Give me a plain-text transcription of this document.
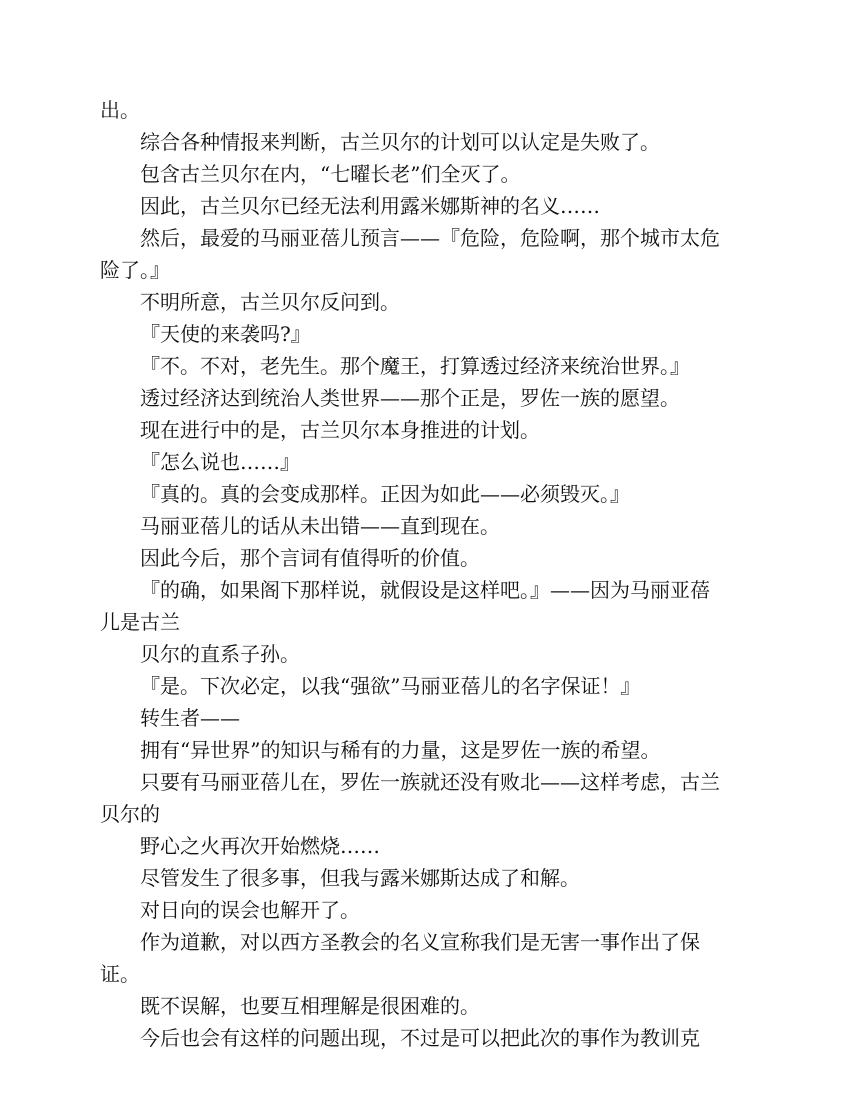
出。
综合各种情报来判断，古兰贝尔的计划可以认定是失败了。
包含古兰贝尔在内，“七曜长老”们全灭了。
因此，古兰贝尔已经无法利用露米娜斯神的名义……
然后，最爱的马丽亚蓓儿预言——『危险，危险啊，那个城市太危
险了。』
不明所意，古兰贝尔反问到。
『天使的来袭吗?』
『不。不对，老先生。那个魔王，打算透过经济来统治世界。』
透过经济达到统治人类世界——那个正是，罗佐一族的愿望。
现在进行中的是，古兰贝尔本身推进的计划。
『怎么说也……』
『真的。真的会变成那样。正因为如此——必须毁灭。』
马丽亚蓓儿的话从未出错——直到现在。
因此今后，那个言词有值得听的价值。
『的确，如果阁下那样说，就假设是这样吧。』——因为马丽亚蓓
儿是古兰
贝尔的直系子孙。
『是。下次必定，以我“强欲”马丽亚蓓儿的名字保证！』
转生者——
拥有“异世界”的知识与稀有的力量，这是罗佐一族的希望。
只要有马丽亚蓓儿在，罗佐一族就还没有败北——这样考虑，古兰
贝尔的
野心之火再次开始燃烧……
尽管发生了很多事，但我与露米娜斯达成了和解。
对日向的误会也解开了。
作为道歉，对以西方圣教会的名义宣称我们是无害一事作出了保
证。
既不误解，也要互相理解是很困难的。
今后也会有这样的问题出现，不过是可以把此次的事作为教训克
